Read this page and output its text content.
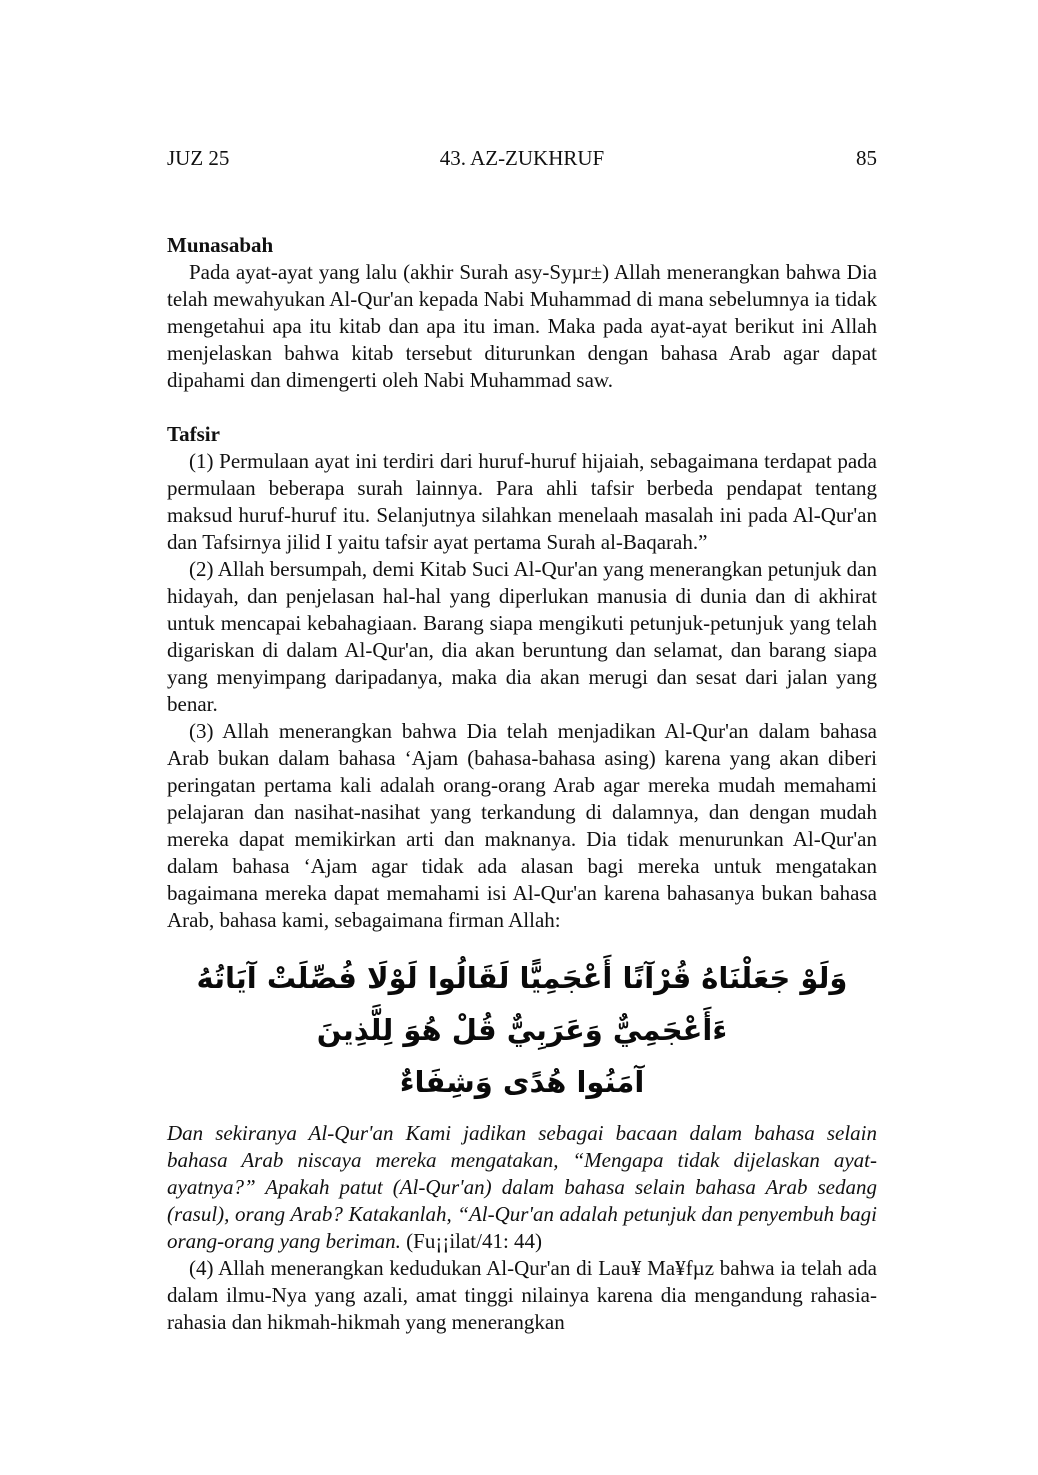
JUZ 25	43. AZ-ZUKHRUF	85
Munasabah

Pada ayat-ayat yang lalu (akhir Surah asy-Syµr±) Allah menerangkan bahwa Dia telah mewahyukan Al-Qur'an kepada Nabi Muhammad di mana sebelumnya ia tidak mengetahui apa itu kitab dan apa itu iman. Maka pada ayat-ayat berikut ini Allah menjelaskan bahwa kitab tersebut diturunkan dengan bahasa Arab agar dapat dipahami dan dimengerti oleh Nabi Muhammad saw.

Tafsir

(1) Permulaan ayat ini terdiri dari huruf-huruf hijaiah, sebagaimana terdapat pada permulaan beberapa surah lainnya. Para ahli tafsir berbeda pendapat tentang maksud huruf-huruf itu. Selanjutnya silahkan menelaah masalah ini pada Al-Qur'an dan Tafsirnya jilid I yaitu tafsir ayat pertama Surah al-Baqarah.”

(2) Allah bersumpah, demi Kitab Suci Al-Qur'an yang menerangkan petunjuk dan hidayah, dan penjelasan hal-hal yang diperlukan manusia di dunia dan di akhirat untuk mencapai kebahagiaan. Barang siapa mengikuti petunjuk-petunjuk yang telah digariskan di dalam Al-Qur'an, dia akan beruntung dan selamat, dan barang siapa yang menyimpang daripadanya, maka dia akan merugi dan sesat dari jalan yang benar.

(3) Allah menerangkan bahwa Dia telah menjadikan Al-Qur'an dalam bahasa Arab bukan dalam bahasa ‘Ajam (bahasa-bahasa asing) karena yang akan diberi peringatan pertama kali adalah orang-orang Arab agar mereka mudah memahami pelajaran dan nasihat-nasihat yang terkandung di dalamnya, dan dengan mudah mereka dapat memikirkan arti dan maknanya. Dia tidak menurunkan Al-Qur'an dalam bahasa ‘Ajam agar tidak ada alasan bagi mereka untuk mengatakan bagaimana mereka dapat memahami isi Al-Qur'an karena bahasanya bukan bahasa Arab, bahasa kami, sebagaimana firman Allah:

وَلَوْ جَعَلْنَاهُ قُرْآنًا أَعْجَمِيًّا لَقَالُوا لَوْلَا فُصِّلَتْ آيَاتُهُ ءَأَعْجَمِيٌّ وَعَرَبِيٌّ قُلْ هُوَ لِلَّذِينَ
آمَنُوا هُدًى وَشِفَاءٌ

Dan sekiranya Al-Qur'an Kami jadikan sebagai bacaan dalam bahasa selain bahasa Arab niscaya mereka mengatakan, “Mengapa tidak dijelaskan ayat-ayatnya?” Apakah patut (Al-Qur'an) dalam bahasa selain bahasa Arab sedang (rasul), orang Arab? Katakanlah, “Al-Qur'an adalah petunjuk dan penyembuh bagi orang-orang yang beriman. (Fu¡¡ilat/41: 44)

(4) Allah menerangkan kedudukan Al-Qur'an di Lau¥ Ma¥fµz bahwa ia telah ada dalam ilmu-Nya yang azali, amat tinggi nilainya karena dia mengandung rahasia-rahasia dan hikmah-hikmah yang menerangkan
